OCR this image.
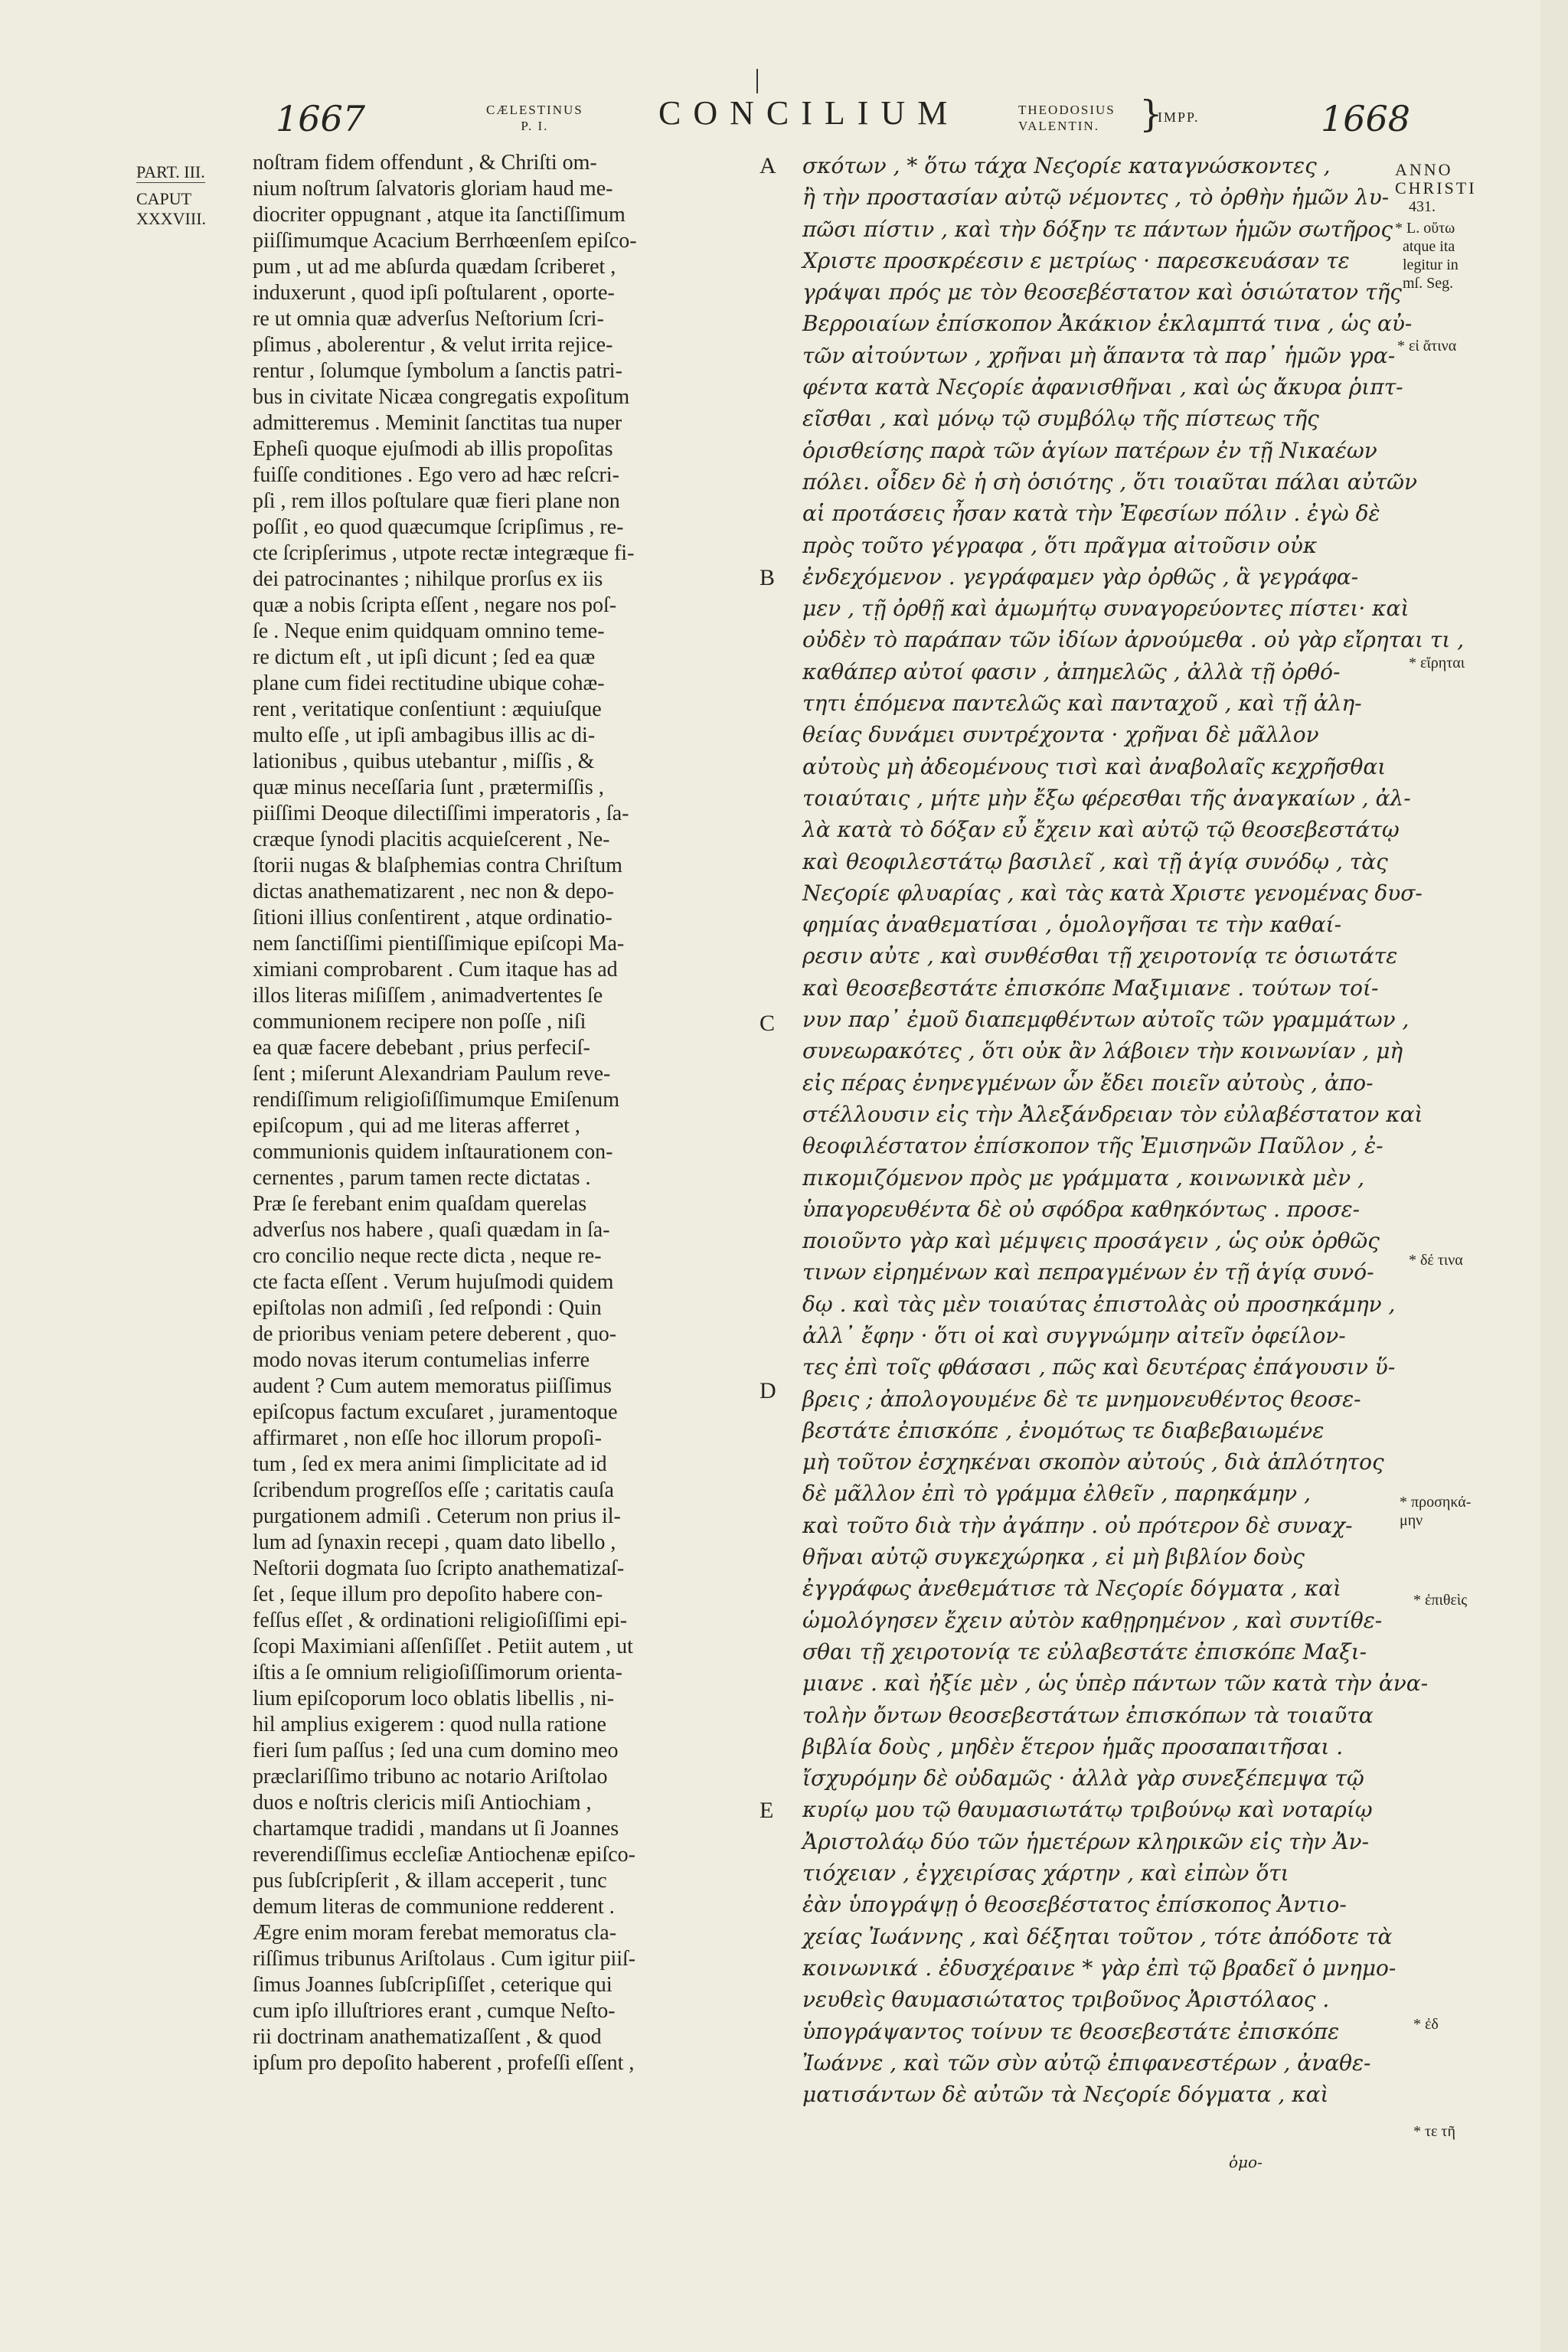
1667	CÆLESTINUS
P. I.	CONCILIUM	THEODOSIUS
VALENTIN.	}
IMPP.	1668
PART. III.
CAPUT
XXXVIII.
noſtram fidem offendunt , & Chriſti om-
nium noſtrum ſalvatoris gloriam haud me-
diocriter oppugnant , atque ita ſanctiſſimum
piiſſimumque Acacium Berrhœenſem epiſco-
pum , ut ad me abſurda quædam ſcriberet ,
induxerunt , quod ipſi poſtularent , oporte-
re ut omnia quæ adverſus Neſtorium ſcri-
pſimus , abolerentur , & velut irrita rejice-
rentur , ſolumque ſymbolum a ſanctis patri-
bus in civitate Nicæa congregatis expoſitum
admitteremus . Meminit ſanctitas tua nuper
Epheſi quoque ejuſmodi ab illis propoſitas
fuiſſe conditiones . Ego vero ad hæc reſcri-
pſi , rem illos poſtulare quæ fieri plane non
poſſit , eo quod quæcumque ſcripſimus , re-
cte ſcripſerimus , utpote rectæ integræque fi-
dei patrocinantes ; nihilque prorſus ex iis
quæ a nobis ſcripta eſſent , negare nos poſ-
ſe . Neque enim quidquam omnino teme-
re dictum eſt , ut ipſi dicunt ; ſed ea quæ
plane cum fidei rectitudine ubique cohæ-
rent , veritatique conſentiunt : æquiuſque
multo eſſe , ut ipſi ambagibus illis ac di-
lationibus , quibus utebantur , miſſis , &
quæ minus neceſſaria ſunt , prætermiſſis ,
piiſſimi Deoque dilectiſſimi imperatoris , ſa-
cræque ſynodi placitis acquieſcerent , Ne-
ſtorii nugas & blaſphemias contra Chriſtum
dictas anathematizarent , nec non & depo-
ſitioni illius conſentirent , atque ordinatio-
nem ſanctiſſimi pientiſſimique epiſcopi Ma-
ximiani comprobarent . Cum itaque has ad
illos literas miſiſſem , animadvertentes ſe
communionem recipere non poſſe , niſi
ea quæ facere debebant , prius perfeciſ-
ſent ; miſerunt Alexandriam Paulum reve-
rendiſſimum religioſiſſimumque Emiſenum
epiſcopum , qui ad me literas afferret ,
communionis quidem inſtaurationem con-
cernentes , parum tamen recte dictatas .
Præ ſe ferebant enim quaſdam querelas
adverſus nos habere , quaſi quædam in ſa-
cro concilio neque recte dicta , neque re-
cte facta eſſent . Verum hujuſmodi quidem
epiſtolas non admiſi , ſed reſpondi : Quin
de prioribus veniam petere deberent , quo-
modo novas iterum contumelias inferre
audent ? Cum autem memoratus piiſſimus
epiſcopus factum excuſaret , juramentoque
affirmaret , non eſſe hoc illorum propoſi-
tum , ſed ex mera animi ſimplicitate ad id
ſcribendum progreſſos eſſe ; caritatis cauſa
purgationem admiſi . Ceterum non prius il-
lum ad ſynaxin recepi , quam dato libello ,
Neſtorii dogmata ſuo ſcripto anathematizaſ-
ſet , ſeque illum pro depoſito habere con-
feſſus eſſet , & ordinationi religioſiſſimi epi-
ſcopi Maximiani aſſenſiſſet . Petiit autem , ut
iſtis a ſe omnium religioſiſſimorum orienta-
lium epiſcoporum loco oblatis libellis , ni-
hil amplius exigerem : quod nulla ratione
fieri ſum paſſus ; ſed una cum domino meo
præclariſſimo tribuno ac notario Ariſtolao
duos e noſtris clericis miſi Antiochiam ,
chartamque tradidi , mandans ut ſi Joannes
reverendiſſimus eccleſiæ Antiochenæ epiſco-
pus ſubſcripſerit , & illam acceperit , tunc
demum literas de communione redderent .
Ægre enim moram ferebat memoratus cla-
riſſimus tribunus Ariſtolaus . Cum igitur piiſ-
ſimus Joannes ſubſcripſiſſet , ceterique qui
cum ipſo illuſtriores erant , cumque Neſto-
rii doctrinam anathematizaſſent , & quod
ipſum pro depoſito haberent , profeſſi eſſent ,
A
B
C
D
E
σκότων , * ὅτω τάχα Νεϛορίε καταγνώσκοντες ,
ἢ τὴν προστασίαν αὐτῷ νέμοντες , τὸ ὀρθὴν ἡμῶν λυ-
πῶσι πίστιν , καὶ τὴν δόξην τε πάντων ἡμῶν σωτῆρος
Χριστε προσκρέεσιν ε μετρίως · παρεσκευάσαν τε
γράψαι πρός με τὸν θεοσεβέστατον καὶ ὁσιώτατον τῆς
Βερροιαίων ἐπίσκοπον Ἀκάκιον ἐκλαμπτά τινα , ὡς αὐ-
τῶν αἰτούντων , χρῆναι μὴ ἅπαντα τὰ παρ᾽ ἡμῶν γρα-
φέντα κατὰ Νεϛορίε ἀφανισθῆναι , καὶ ὡς ἄκυρα ῥιπτ-
εῖσθαι , καὶ μόνῳ τῷ συμβόλῳ τῆς πίστεως τῆς
ὁρισθείσης παρὰ τῶν ἁγίων πατέρων ἐν τῇ Νικαέων
πόλει. οἶδεν δὲ ἡ σὴ ὁσιότης , ὅτι τοιαῦται πάλαι αὐτῶν
αἱ προτάσεις ἦσαν κατὰ τὴν Ἐφεσίων πόλιν . ἐγὼ δὲ
πρὸς τοῦτο γέγραφα , ὅτι πρᾶγμα αἰτοῦσιν οὐκ
ἐνδεχόμενον . γεγράφαμεν γὰρ ὀρθῶς , ἃ γεγράφα-
μεν , τῇ ὀρθῇ καὶ ἀμωμήτῳ συναγορεύοντες πίστει· καὶ
οὐδὲν τὸ παράπαν τῶν ἰδίων ἀρνούμεθα . οὐ γὰρ εἴρηται τι ,
καθάπερ αὐτοί φασιν , ἀπημελῶς , ἀλλὰ τῇ ὀρθό-
τητι ἑπόμενα παντελῶς καὶ πανταχοῦ , καὶ τῇ ἀλη-
θείας δυνάμει συντρέχοντα · χρῆναι δὲ μᾶλλον
αὐτοὺς μὴ ἀδεομένους τισὶ καὶ ἀναβολαῖς κεχρῆσθαι
τοιαύταις , μήτε μὴν ἔξω φέρεσθαι τῆς ἀναγκαίων , ἀλ-
λὰ κατὰ τὸ δόξαν εὖ ἔχειν καὶ αὐτῷ τῷ θεοσεβεστάτῳ
καὶ θεοφιλεστάτῳ βασιλεῖ , καὶ τῇ ἁγίᾳ συνόδῳ , τὰς
Νεϛορίε φλυαρίας , καὶ τὰς κατὰ Χριστε γενομένας δυσ-
φημίας ἀναθεματίσαι , ὁμολογῆσαι τε τὴν καθαί-
ρεσιν αὐτε , καὶ συνθέσθαι τῇ χειροτονίᾳ τε ὁσιωτάτε
καὶ θεοσεβεστάτε ἐπισκόπε Μαξιμιανε . τούτων τοί-
νυν παρ᾽ ἐμοῦ διαπεμφθέντων αὐτοῖς τῶν γραμμάτων ,
συνεωρακότες , ὅτι οὐκ ἂν λάβοιεν τὴν κοινωνίαν , μὴ
εἰς πέρας ἐνηνεγμένων ὧν ἔδει ποιεῖν αὐτοὺς , ἀπο-
στέλλουσιν εἰς τὴν Ἀλεξάνδρειαν τὸν εὐλαβέστατον καὶ
θεοφιλέστατον ἐπίσκοπον τῆς Ἐμισηνῶν Παῦλον , ἐ-
πικομιζόμενον πρὸς με γράμματα , κοινωνικὰ μὲν ,
ὑπαγορευθέντα δὲ οὐ σφόδρα καθηκόντως . προσε-
ποιοῦντο γὰρ καὶ μέμψεις προσάγειν , ὡς οὐκ ὀρθῶς
τινων εἰρημένων καὶ πεπραγμένων ἐν τῇ ἁγίᾳ συνό-
δῳ . καὶ τὰς μὲν τοιαύτας ἐπιστολὰς οὐ προσηκάμην ,
ἀλλ᾽ ἔφην · ὅτι οἱ καὶ συγγνώμην αἰτεῖν ὀφείλον-
τες ἐπὶ τοῖς φθάσασι , πῶς καὶ δευτέρας ἐπάγουσιν ὕ-
βρεις ; ἀπολογουμένε δὲ τε μνημονευθέντος θεοσε-
βεστάτε ἐπισκόπε , ἐνομότως τε διαβεβαιωμένε
μὴ τοῦτον ἐσχηκέναι σκοπὸν αὐτούς , διὰ ἁπλότητος
δὲ μᾶλλον ἐπὶ τὸ γράμμα ἐλθεῖν , παρηκάμην ,
καὶ τοῦτο διὰ τὴν ἀγάπην . οὐ πρότερον δὲ συναχ-
θῆναι αὐτῷ συγκεχώρηκα , εἰ μὴ βιβλίον δοὺς
ἐγγράφως ἀνεθεμάτισε τὰ Νεϛορίε δόγματα , καὶ
ὡμολόγησεν ἔχειν αὐτὸν καθῃρημένον , καὶ συντίθε-
σθαι τῇ χειροτονίᾳ τε εὐλαβεστάτε ἐπισκόπε Μαξι-
μιανε . καὶ ἠξίε μὲν , ὡς ὑπὲρ πάντων τῶν κατὰ τὴν ἀνα-
τολὴν ὄντων θεοσεβεστάτων ἐπισκόπων τὰ τοιαῦτα
βιβλία δοὺς , μηδὲν ἕτερον ἡμᾶς προσαπαιτῆσαι .
ἴσχυρόμην δὲ οὐδαμῶς · ἀλλὰ γὰρ συνεξέπεμψα τῷ
κυρίῳ μου τῷ θαυμασιωτάτῳ τριβούνῳ καὶ νοταρίῳ
Ἀριστολάῳ δύο τῶν ἡμετέρων κληρικῶν εἰς τὴν Ἀν-
τιόχειαν , ἐγχειρίσας χάρτην , καὶ εἰπὼν ὅτι
ἐὰν ὑπογράψῃ ὁ θεοσεβέστατος ἐπίσκοπος Ἀντιο-
χείας Ἰωάννης , καὶ δέξηται τοῦτον , τότε ἀπόδοτε τὰ
κοινωνικά . ἐδυσχέραινε * γὰρ ἐπὶ τῷ βραδεῖ ὁ μνημο-
νευθεὶς θαυμασιώτατος τριβοῦνος Ἀριστόλαος .
ὑπογράψαντος τοίνυν τε θεοσεβεστάτε ἐπισκόπε
Ἰωάννε , καὶ τῶν σὺν αὐτῷ ἐπιφανεστέρων , ἀναθε-
ματισάντων δὲ αὐτῶν τὰ Νεϛορίε δόγματα , καὶ
ὁμο-
ANNO
CHRISTI
431.
* L. οὕτω
atque ita
legitur in
mſ. Seg.
* εἰ ἄτινα
* εἴρηται
* δέ τινα
* προσηκά-
μην
* ἐπιθεὶς
* ἐδ
* τε τῆ
